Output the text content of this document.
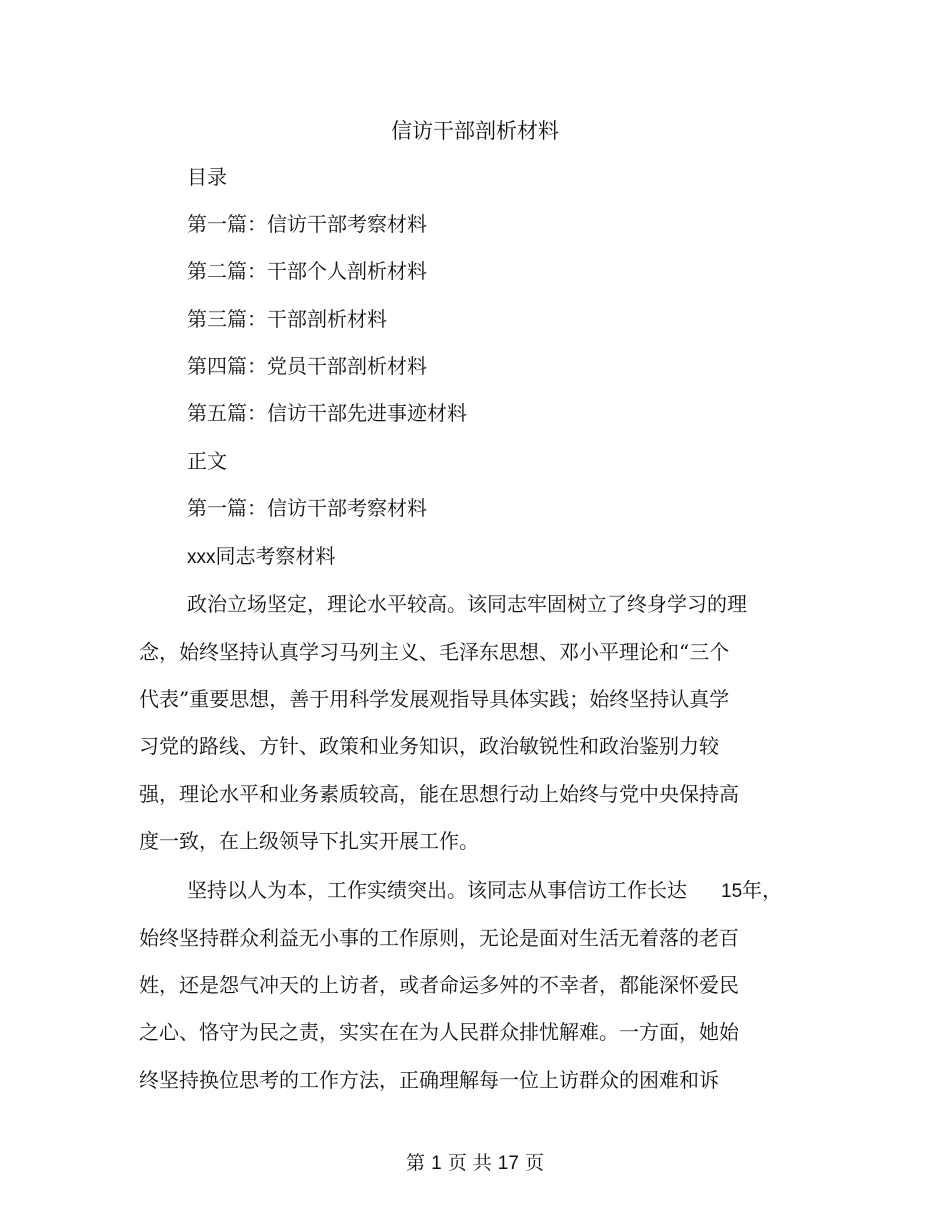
信访干部剖析材料
目录
第一篇：信访干部考察材料
第二篇：干部个人剖析材料
第三篇：干部剖析材料
第四篇：党员干部剖析材料
第五篇：信访干部先进事迹材料
正文
第一篇：信访干部考察材料
xxx同志考察材料
政治立场坚定，理论水平较高。该同志牢固树立了终身学习的理
念，始终坚持认真学习马列主义、毛泽东思想、邓小平理论和“三个
代表”重要思想，善于用科学发展观指导具体实践；始终坚持认真学
习党的路线、方针、政策和业务知识，政治敏锐性和政治鉴别力较
强，理论水平和业务素质较高，能在思想行动上始终与党中央保持高
度一致，在上级领导下扎实开展工作。
坚持以人为本，工作实绩突出。该同志从事信访工作长达 15年，
始终坚持群众利益无小事的工作原则，无论是面对生活无着落的老百
姓，还是怨气冲天的上访者，或者命运多舛的不幸者，都能深怀爱民
之心、恪守为民之责，实实在在为人民群众排忧解难。一方面，她始
终坚持换位思考的工作方法，正确理解每一位上访群众的困难和诉
第 1 页 共 17 页
